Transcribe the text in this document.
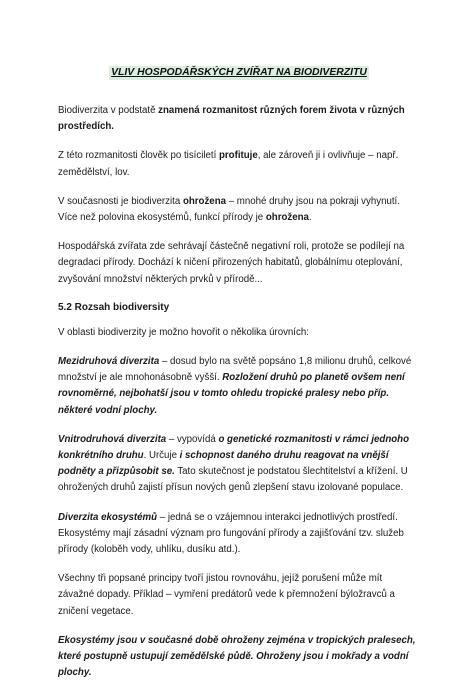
VLIV HOSPODÁŘSKÝCH ZVÍŘAT NA BIODIVERZITU

Biodiverzita v podstatě znamená rozmanitost různých forem života v různých prostředích.

Z této rozmanitosti člověk po tisíciletí profituje, ale zároveň ji i ovlivňuje – např. zemědělství, lov.

V současnosti je biodiverzita ohrožena – mnohé druhy jsou na pokraji vyhynutí. Více než polovina ekosystémů, funkcí přírody je ohrožena.

Hospodářská zvířata zde sehrávají částečně negativní roli, protože se podílejí na degradaci přírody. Dochází k ničení přirozených habitatů, globálnímu oteplování, zvyšování množství některých prvků v přírodě...

5.2 Rozsah biodiversity

V oblasti biodiverzity je možno hovořit o několika úrovních:

Mezidruhová diverzita – dosud bylo na světě popsáno 1,8 milionu druhů, celkové množství je ale mnohonásobně vyšší. Rozložení druhů po planetě ovšem není rovnoměrné, nejbohatší jsou v tomto ohledu tropické pralesy nebo příp. některé vodní plochy.

Vnitrodruhová diverzita – vypovídá o genetické rozmanitosti v rámci jednoho konkrétního druhu. Určuje i schopnost daného druhu reagovat na vnější podněty a přizpůsobit se. Tato skutečnost je podstatou šlechtitelství a křížení. U ohrožených druhů zajistí přísun nových genů zlepšení stavu izolované populace.

Diverzita ekosystémů – jedná se o vzájemnou interakci jednotlivých prostředí. Ekosystémy mají zásadní význam pro fungování přírody a zajišťování tzv. služeb přírody (koloběh vody, uhlíku, dusíku atd.).

Všechny tři popsané principy tvoří jistou rovnováhu, jejíž porušení může mít závažné dopady. Příklad – vymření predátorů vede k přemnožení býložravců a zničení vegetace.

Ekosystémy jsou v současné době ohroženy zejména v tropických pralesech, které postupně ustupují zemědělské půdě. Ohroženy jsou i mokřady a vodní plochy.
